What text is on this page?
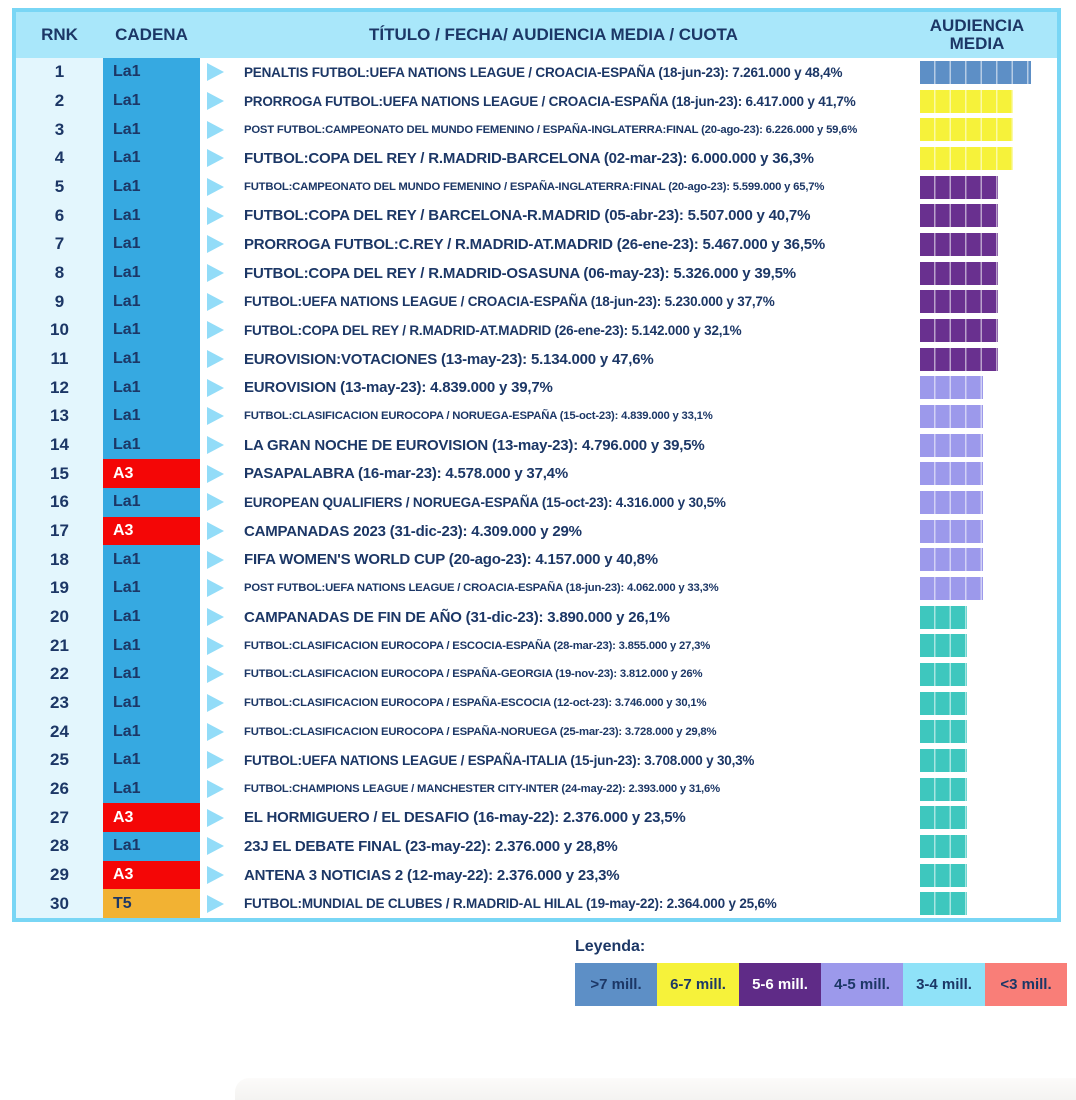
RNK	CADENA	TÍTULO / FECHA/ AUDIENCIA MEDIA / CUOTA	AUDIENCIA
MEDIA
1	La1	PENALTIS FUTBOL:UEFA NATIONS LEAGUE / CROACIA-ESPAÑA (18-jun-23): 7.261.000 y 48,4%
2	La1	PRORROGA FUTBOL:UEFA NATIONS LEAGUE / CROACIA-ESPAÑA (18-jun-23): 6.417.000 y 41,7%
3	La1	POST FUTBOL:CAMPEONATO DEL MUNDO FEMENINO / ESPAÑA-INGLATERRA:FINAL (20-ago-23): 6.226.000 y 59,6%
4	La1	FUTBOL:COPA DEL REY / R.MADRID-BARCELONA (02-mar-23): 6.000.000 y 36,3%
5	La1	FUTBOL:CAMPEONATO DEL MUNDO FEMENINO / ESPAÑA-INGLATERRA:FINAL (20-ago-23): 5.599.000 y 65,7%
6	La1	FUTBOL:COPA DEL REY / BARCELONA-R.MADRID (05-abr-23): 5.507.000 y 40,7%
7	La1	PRORROGA FUTBOL:C.REY / R.MADRID-AT.MADRID (26-ene-23): 5.467.000 y 36,5%
8	La1	FUTBOL:COPA DEL REY / R.MADRID-OSASUNA (06-may-23): 5.326.000 y 39,5%
9	La1	FUTBOL:UEFA NATIONS LEAGUE / CROACIA-ESPAÑA (18-jun-23): 5.230.000 y 37,7%
10	La1	FUTBOL:COPA DEL REY / R.MADRID-AT.MADRID (26-ene-23): 5.142.000 y 32,1%
11	La1	EUROVISION:VOTACIONES (13-may-23): 5.134.000 y 47,6%
12	La1	EUROVISION (13-may-23): 4.839.000 y 39,7%
13	La1	FUTBOL:CLASIFICACION EUROCOPA / NORUEGA-ESPAÑA (15-oct-23): 4.839.000 y 33,1%
14	La1	LA GRAN NOCHE DE EUROVISION (13-may-23): 4.796.000 y 39,5%
15	A3	PASAPALABRA (16-mar-23): 4.578.000 y 37,4%
16	La1	EUROPEAN QUALIFIERS / NORUEGA-ESPAÑA (15-oct-23): 4.316.000 y 30,5%
17	A3	CAMPANADAS 2023 (31-dic-23): 4.309.000 y 29%
18	La1	FIFA WOMEN'S WORLD CUP (20-ago-23): 4.157.000 y 40,8%
19	La1	POST FUTBOL:UEFA NATIONS LEAGUE / CROACIA-ESPAÑA (18-jun-23): 4.062.000 y 33,3%
20	La1	CAMPANADAS DE FIN DE AÑO (31-dic-23): 3.890.000 y 26,1%
21	La1	FUTBOL:CLASIFICACION EUROCOPA / ESCOCIA-ESPAÑA (28-mar-23): 3.855.000 y 27,3%
22	La1	FUTBOL:CLASIFICACION EUROCOPA / ESPAÑA-GEORGIA (19-nov-23): 3.812.000 y 26%
23	La1	FUTBOL:CLASIFICACION EUROCOPA / ESPAÑA-ESCOCIA (12-oct-23): 3.746.000 y 30,1%
24	La1	FUTBOL:CLASIFICACION EUROCOPA / ESPAÑA-NORUEGA (25-mar-23): 3.728.000 y 29,8%
25	La1	FUTBOL:UEFA NATIONS LEAGUE / ESPAÑA-ITALIA (15-jun-23): 3.708.000 y 30,3%
26	La1	FUTBOL:CHAMPIONS LEAGUE / MANCHESTER CITY-INTER (24-may-22): 2.393.000 y 31,6%
27	A3	EL HORMIGUERO / EL DESAFIO (16-may-22): 2.376.000 y 23,5%
28	La1	23J EL DEBATE FINAL (23-may-22): 2.376.000 y 28,8%
29	A3	ANTENA 3 NOTICIAS 2 (12-may-22): 2.376.000 y 23,3%
30	T5	FUTBOL:MUNDIAL DE CLUBES / R.MADRID-AL HILAL (19-may-22): 2.364.000 y 25,6%
Leyenda:
>7 mill.	6-7 mill.	5-6 mill.	4-5 mill.	3-4 mill.	<3 mill.
